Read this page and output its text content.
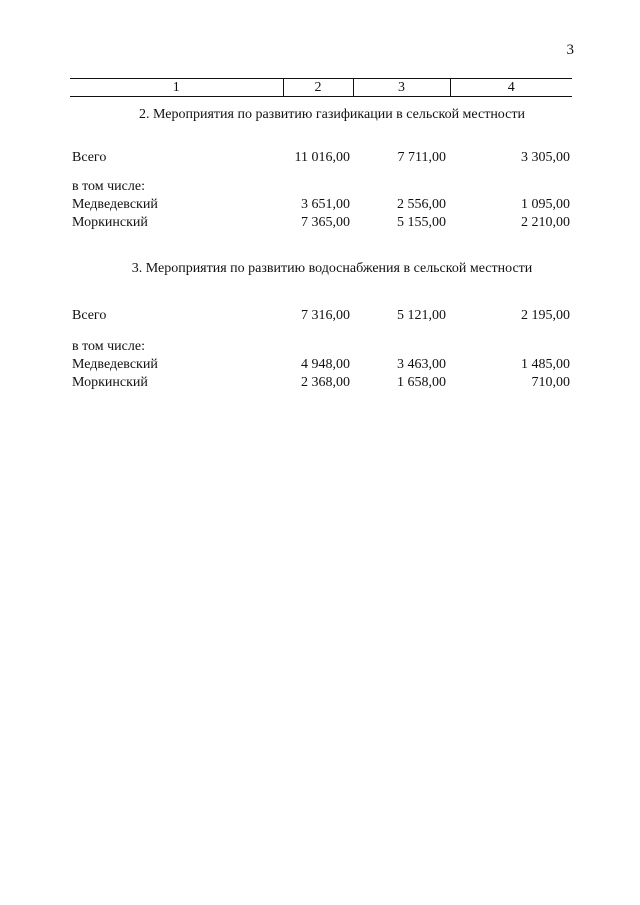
3
1	2	3	4
2. Мероприятия по развитию газификации в сельской местности
Всего	11 016,00	7 711,00	3 305,00
в том числе:
Медведевский	3 651,00	2 556,00	1 095,00
Моркинский	7 365,00	5 155,00	2 210,00
3. Мероприятия по развитию водоснабжения в сельской местности
Всего	7 316,00	5 121,00	2 195,00
в том числе:
Медведевский	4 948,00	3 463,00	1 485,00
Моркинский	2 368,00	1 658,00	710,00
